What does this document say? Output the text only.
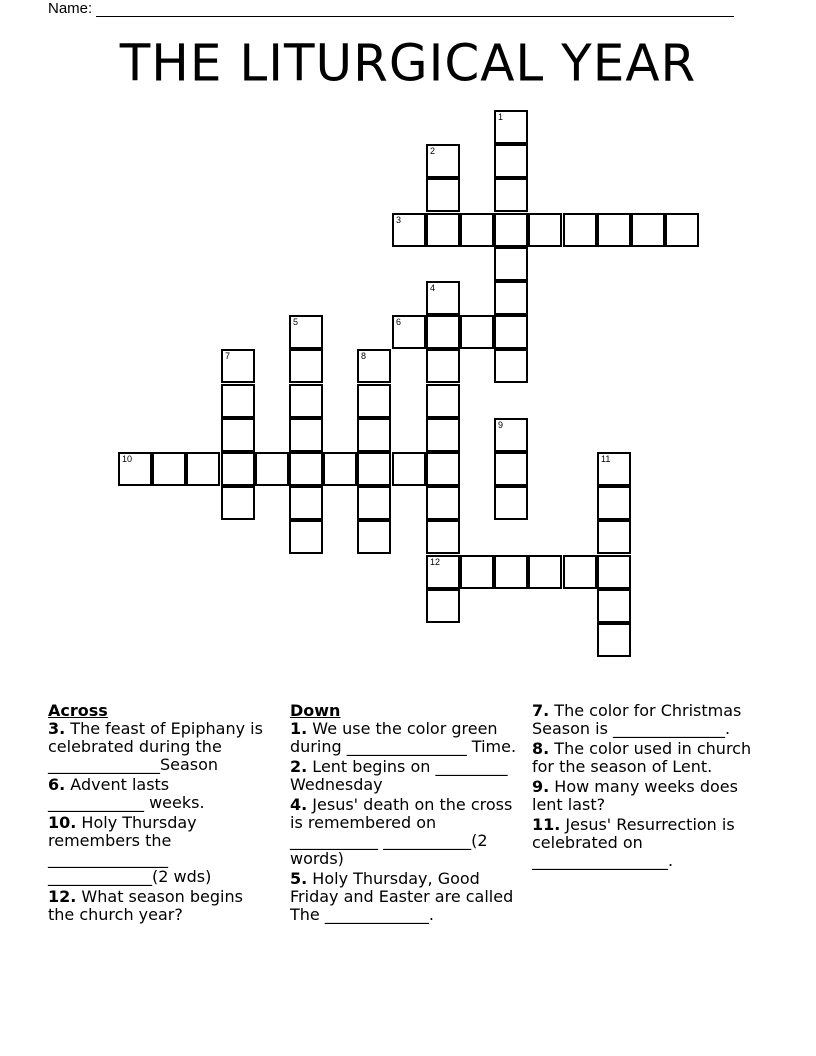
Name:
THE LITURGICAL YEAR
1
2
3
4
12
5	6
7	8
9
10	11
Across
3. The feast of Epiphany is celebrated during the ______________Season
6. Advent lasts ____________ weeks.
10. Holy Thursday remembers the _______________ _____________(2 wds)
12. What season begins the church year?
Down
1. We use the color green during _______________ Time.
2. Lent begins on _________ Wednesday
4. Jesus' death on the cross is remembered on ___________ ___________(2 words)
5. Holy Thursday, Good Friday and Easter are called The _____________.
7. The color for Christmas Season is ______________.
8. The color used in church for the season of Lent.
9. How many weeks does lent last?
11. Jesus' Resurrection is celebrated on _________________.
